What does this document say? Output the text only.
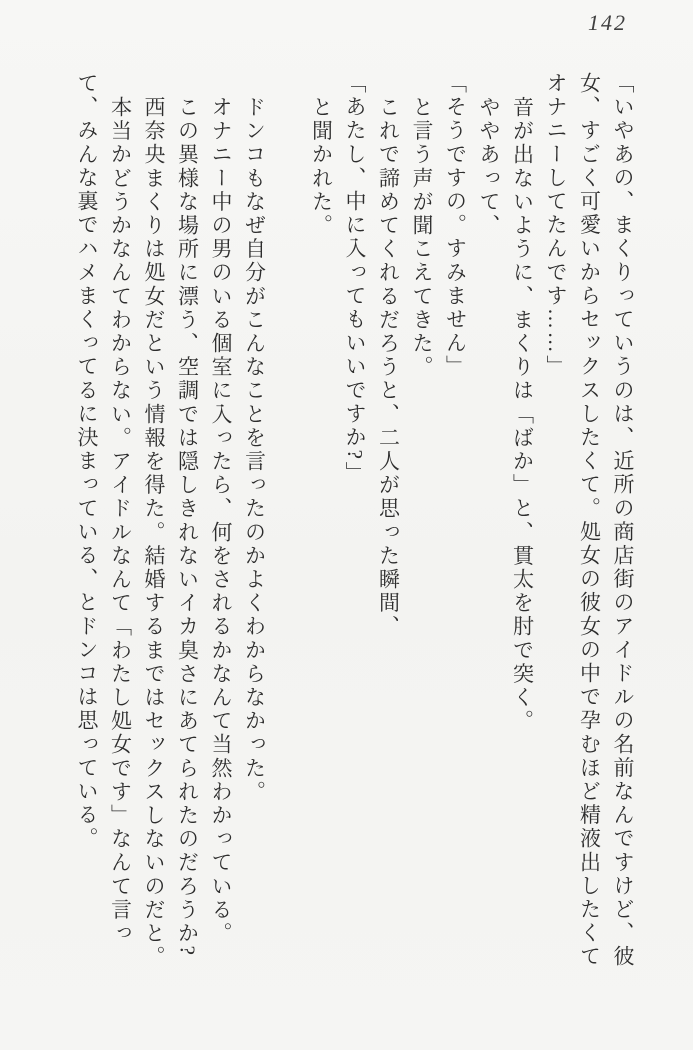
142

「いやあの、まくりっていうのは、近所の商店街のアイドルの名前なんですけど、彼女、すごく可愛いからセックスしたくて。処女の彼女の中で孕むほど精液出したくてオナニーしてたんです……」

音が出ないように、まくりは「ばか」と、貫太を肘で突く。

ややあって、

「そうですの。すみません」

と言う声が聞こえてきた。

これで諦めてくれるだろうと、二人が思った瞬間、

「あたし、中に入ってもいいですか?」

と聞かれた。

ドンコもなぜ自分がこんなことを言ったのかよくわからなかった。

オナニー中の男のいる個室に入ったら、何をされるかなんて当然わかっている。

この異様な場所に漂う、空調では隠しきれないイカ臭さにあてられたのだろうか?

西奈央まくりは処女だという情報を得た。結婚するまではセックスしないのだと。

本当かどうかなんてわからない。アイドルなんて「わたし処女です」なんて言って、みんな裏でハメまくってるに決まっている、とドンコは思っている。
